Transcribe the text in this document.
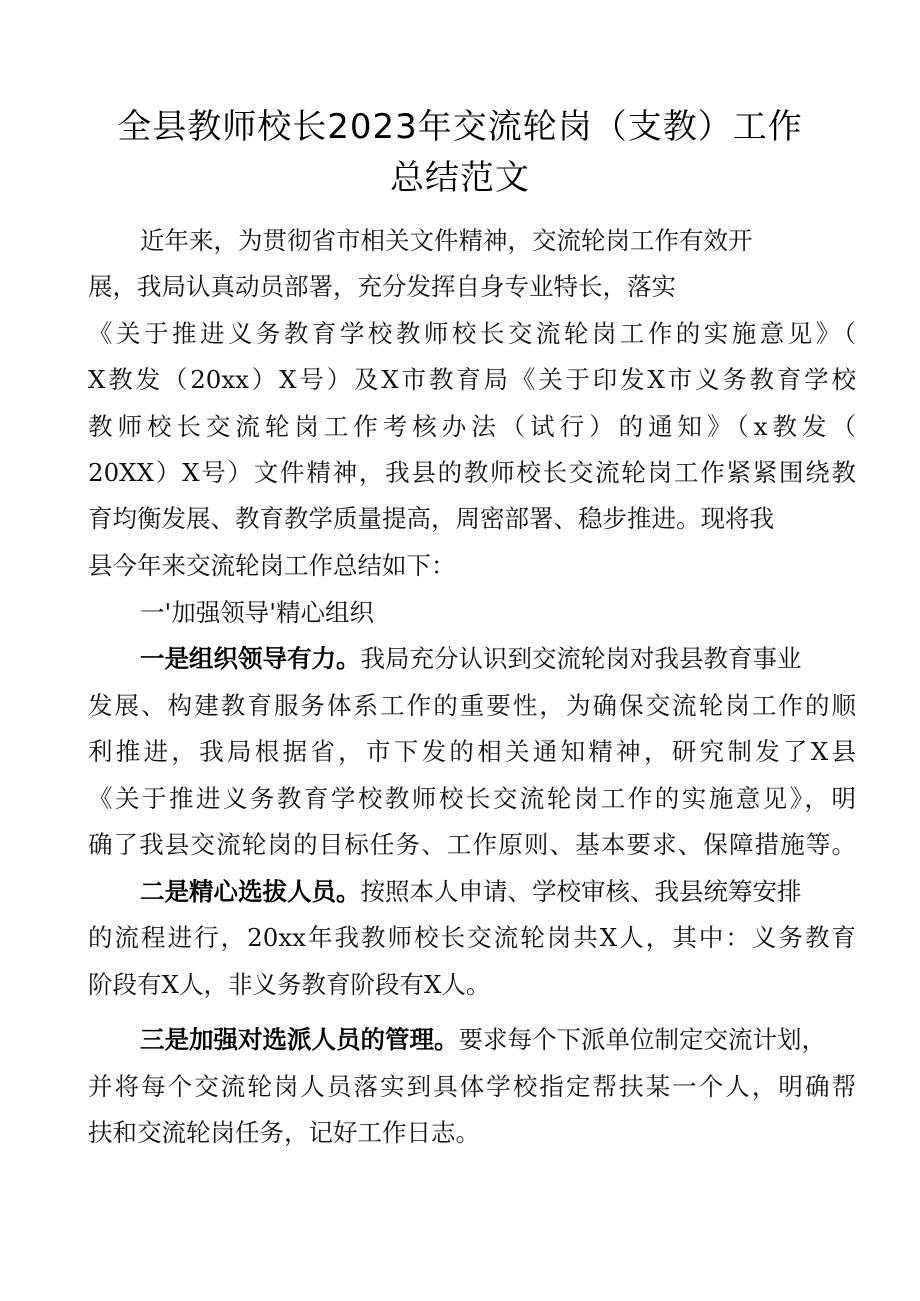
全县教师校长2023年交流轮岗（支教）工作
总结范文
近年来，为贯彻省市相关文件精神，交流轮岗工作有效开
展，我局认真动员部署，充分发挥自身专业特长，落实
《关于推进义务教育学校教师校长交流轮岗工作的实施意见》（
X教发（20xx）X号）及X市教育局《关于印发X市义务教育学校
教师校长交流轮岗工作考核办法（试行）的通知》（x教发（
20XX）X号）文件精神，我县的教师校长交流轮岗工作紧紧围绕教
育均衡发展、教育教学质量提高，周密部署、稳步推进。现将我
县今年来交流轮岗工作总结如下：
一'加强领导'精心组织
一是组织领导有力。我局充分认识到交流轮岗对我县教育事业
发展、构建教育服务体系工作的重要性，为确保交流轮岗工作的顺
利推进，我局根据省，市下发的相关通知精神，研究制发了X县
《关于推进义务教育学校教师校长交流轮岗工作的实施意见》，明
确了我县交流轮岗的目标任务、工作原则、基本要求、保障措施等。
二是精心选拔人员。按照本人申请、学校审核、我县统筹安排
的流程进行，20xx年我教师校长交流轮岗共X人，其中：义务教育
阶段有X人，非义务教育阶段有X人。
三是加强对选派人员的管理。要求每个下派单位制定交流计划，
并将每个交流轮岗人员落实到具体学校指定帮扶某一个人，明确帮
扶和交流轮岗任务，记好工作日志。
